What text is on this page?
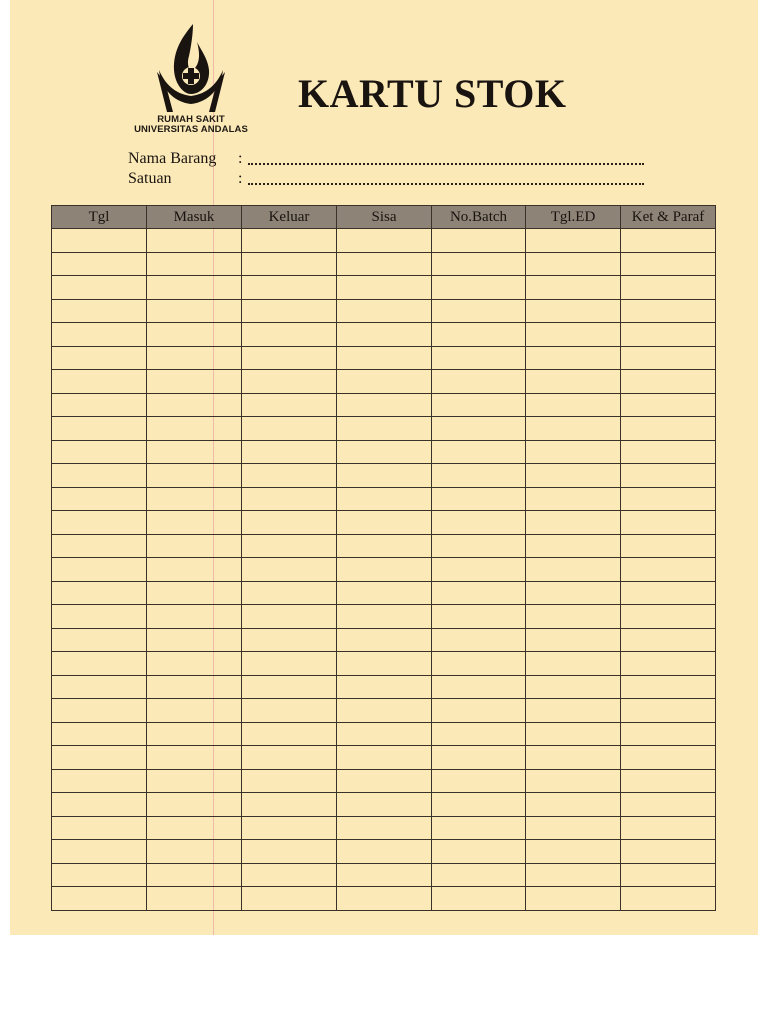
RUMAH SAKIT
UNIVERSITAS ANDALAS
KARTU STOK
Nama Barang :
Satuan	:
Tgl	Masuk	Keluar	Sisa	No.Batch	Tgl.ED	Ket & Paraf
